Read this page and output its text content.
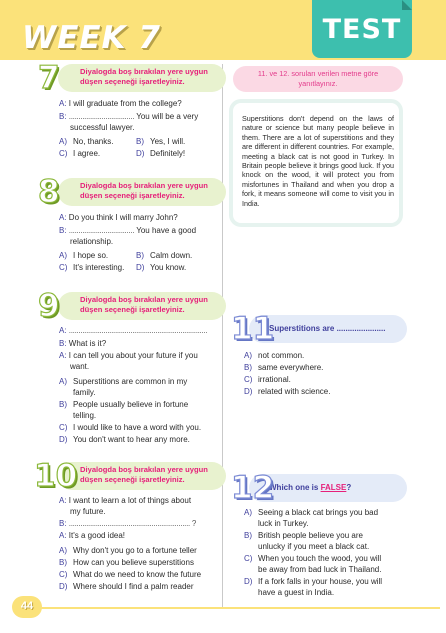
WEEK 7	TEST
Diyalogda boş bırakılan yere uygun
düşen seçeneği işaretleyiniz.
7
A: I will graduate from the college?
B: .................................. You will be a very
successful lawyer.
A) No, thanks.	B) Yes, I will.
C) I agree.	D) Definitely!
Diyalogda boş bırakılan yere uygun
düşen seçeneği işaretleyiniz.
8
A: Do you think I will marry John?
B: .................................. You have a good
relationship.
A) I hope so.	B) Calm down.
C) It's interesting. D) You know.
Diyalogda boş bırakılan yere uygun
düşen seçeneği işaretleyiniz.
9
A: ........................................................................
B: What is it?
A: I can tell you about your future if you
want.
A) Superstitions are common in my
family.
B) People usually believe in fortune
telling.
C) I would like to have a word with you.
D) You don't want to hear any more.
Diyalogda boş bırakılan yere uygun
düşen seçeneği işaretleyiniz.
10
A: I want to learn a lot of things about
my future.
B: ............................................................... ?
A: It's a good idea!
A) Why don't you go to a fortune teller
B) How can you believe superstitions
C) What do we need to know the future
D) Where should I find a palm reader
11. ve 12. soruları verilen metne göre
yanıtlayınız.

Superstitions don't depend on the laws of nature or science but many people believe in them. There are a lot of superstitions and they are different in different countries. For example, meeting a black cat is not good in Turkey. In Britain people believe it brings good luck. If you knock on the wood, it will protect you from misfortunes in Thailand and when you drop a fork, it means someone will come to visit you in India.

Superstitions are ......................
11
A) not common.
B) same everywhere.
C) irrational.
D) related with science.
Which one is FALSE?
12
A) Seeing a black cat brings you bad
luck in Turkey.
B) British people believe you are
unlucky if you meet a black cat.
C) When you touch the wood, you will
be away from bad luck in Thailand.
D) If a fork falls in your house, you will
have a guest in India.
44
